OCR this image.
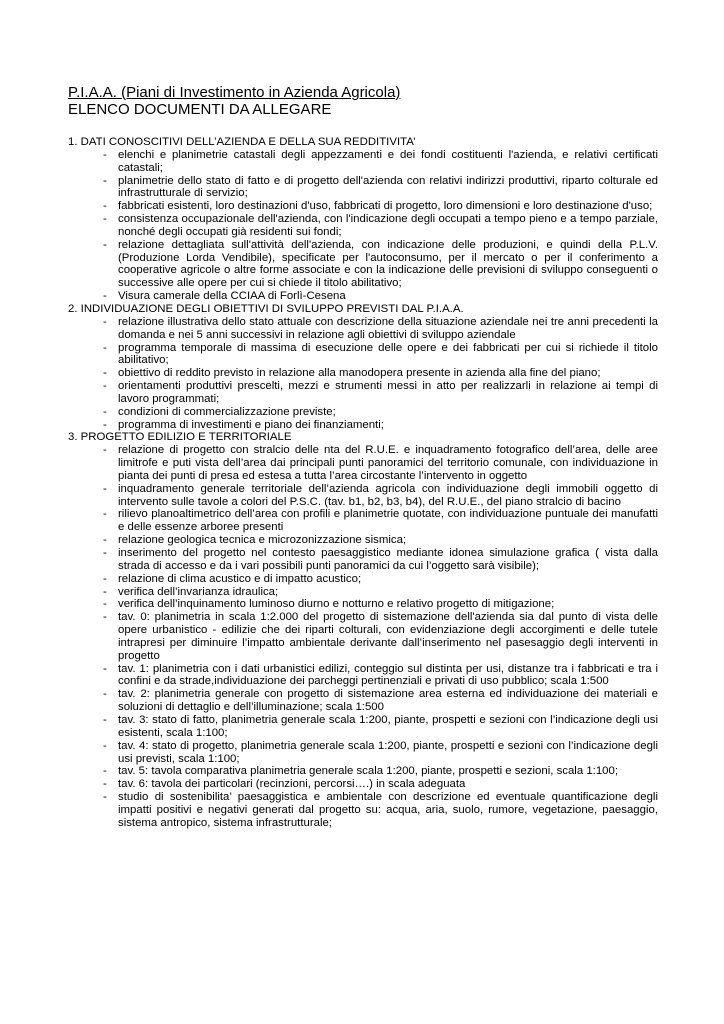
P.I.A.A. (Piani di Investimento in Azienda Agricola)

ELENCO DOCUMENTI DA ALLEGARE

1. DATI CONOSCITIVI DELL’AZIENDA E DELLA SUA REDDITIVITA’

- elenchi e planimetrie catastali degli appezzamenti e dei fondi costituenti l'azienda, e relativi certificati catastali;
- planimetrie dello stato di fatto e di progetto dell'azienda con relativi indirizzi produttivi, riparto colturale ed infrastrutturale di servizio;
- fabbricati esistenti, loro destinazioni d'uso, fabbricati di progetto, loro dimensioni e loro destinazione d'uso;
- consistenza occupazionale dell'azienda, con l'indicazione degli occupati a tempo pieno e a tempo parziale, nonché degli occupati già residenti sui fondi;
- relazione dettagliata sull'attività dell'azienda, con indicazione delle produzioni, e quindi della P.L.V. (Produzione Lorda Vendibile), specificate per l'autoconsumo, per il mercato o per il conferimento a cooperative agricole o altre forme associate e con la indicazione delle previsioni di sviluppo conseguenti o successive alle opere per cui si chiede il titolo abilitativo;
- Visura camerale della CCIAA di Forlì-Cesena

2. INDIVIDUAZIONE DEGLI OBIETTIVI DI SVILUPPO PREVISTI DAL P.I.A.A.

- relazione illustrativa dello stato attuale con descrizione della situazione aziendale nei tre anni precedenti la domanda e nei 5 anni successivi in relazione agli obiettivi di sviluppo aziendale
- programma temporale di massima di esecuzione delle opere e dei fabbricati per cui si richiede il titolo abilitativo;
- obiettivo di reddito previsto in relazione alla manodopera presente in azienda alla fine del piano;
- orientamenti produttivi prescelti, mezzi e strumenti messi in atto per realizzarli in relazione ai tempi di lavoro programmati;
- condizioni di commercializzazione previste;
- programma di investimenti e piano dei finanziamenti;

3. PROGETTO EDILIZIO E TERRITORIALE

- relazione di progetto con stralcio delle nta del R.U.E. e inquadramento fotografico dell’area, delle aree limitrofe e puti vista dell’area dai principali punti panoramici del territorio comunale, con individuazione in pianta dei punti di presa ed estesa a tutta l’area circostante l’intervento in oggetto
- inquadramento generale territoriale dell’azienda agricola con individuazione degli immobili oggetto di intervento sulle tavole a colori del P.S.C. (tav. b1, b2, b3, b4), del R.U.E., del piano stralcio di bacino
- rilievo planoaltimetrico dell’area con profili e planimetrie quotate, con individuazione puntuale dei manufatti e delle essenze arboree presenti
- relazione geologica tecnica e microzonizzazione sismica;
- inserimento del progetto nel contesto paesaggistico mediante idonea simulazione grafica ( vista dalla strada di accesso e da i vari possibili punti panoramici da cui l’oggetto sarà visibile);
- relazione di clima acustico e di impatto acustico;
- verifica dell’invarianza idraulica;
- verifica dell’inquinamento luminoso diurno e notturno e relativo progetto di mitigazione;
- tav. 0: planimetria in scala 1:2.000 del progetto di sistemazione dell'azienda sia dal punto di vista delle opere urbanistico - edilizie che dei riparti colturali, con evidenziazione degli accorgimenti e delle tutele intrapresi per diminuire l’impatto ambientale derivante dall’inserimento nel pasesaggio degli interventi in progetto
- tav. 1: planimetria con i dati urbanistici edilizi, conteggio sul distinta per usi, distanze tra i fabbricati e tra i confini e da strade,individuazione dei parcheggi pertinenziali e privati di uso pubblico; scala 1:500
- tav. 2: planimetria generale con progetto di sistemazione area esterna ed individuazione dei materiali e soluzioni di dettaglio e dell’illuminazione; scala 1:500
- tav. 3: stato di fatto, planimetria generale scala 1:200, piante, prospetti e sezioni con l’indicazione degli usi esistenti, scala 1:100;
- tav. 4: stato di progetto, planimetria generale scala 1:200, piante, prospetti e sezioni con l’indicazione degli usi previsti, scala 1:100;
- tav. 5: tavola comparativa planimetria generale scala 1:200, piante, prospetti e sezioni, scala 1:100;
- tav. 6: tavola dei particolari (recinzioni, percorsi….) in scala adeguata
- studio di sostenibilita’ paesaggistica e ambientale con descrizione ed eventuale quantificazione degli impatti positivi e negativi generati dal progetto su: acqua, aria, suolo, rumore, vegetazione, paesaggio, sistema antropico, sistema infrastrutturale;
